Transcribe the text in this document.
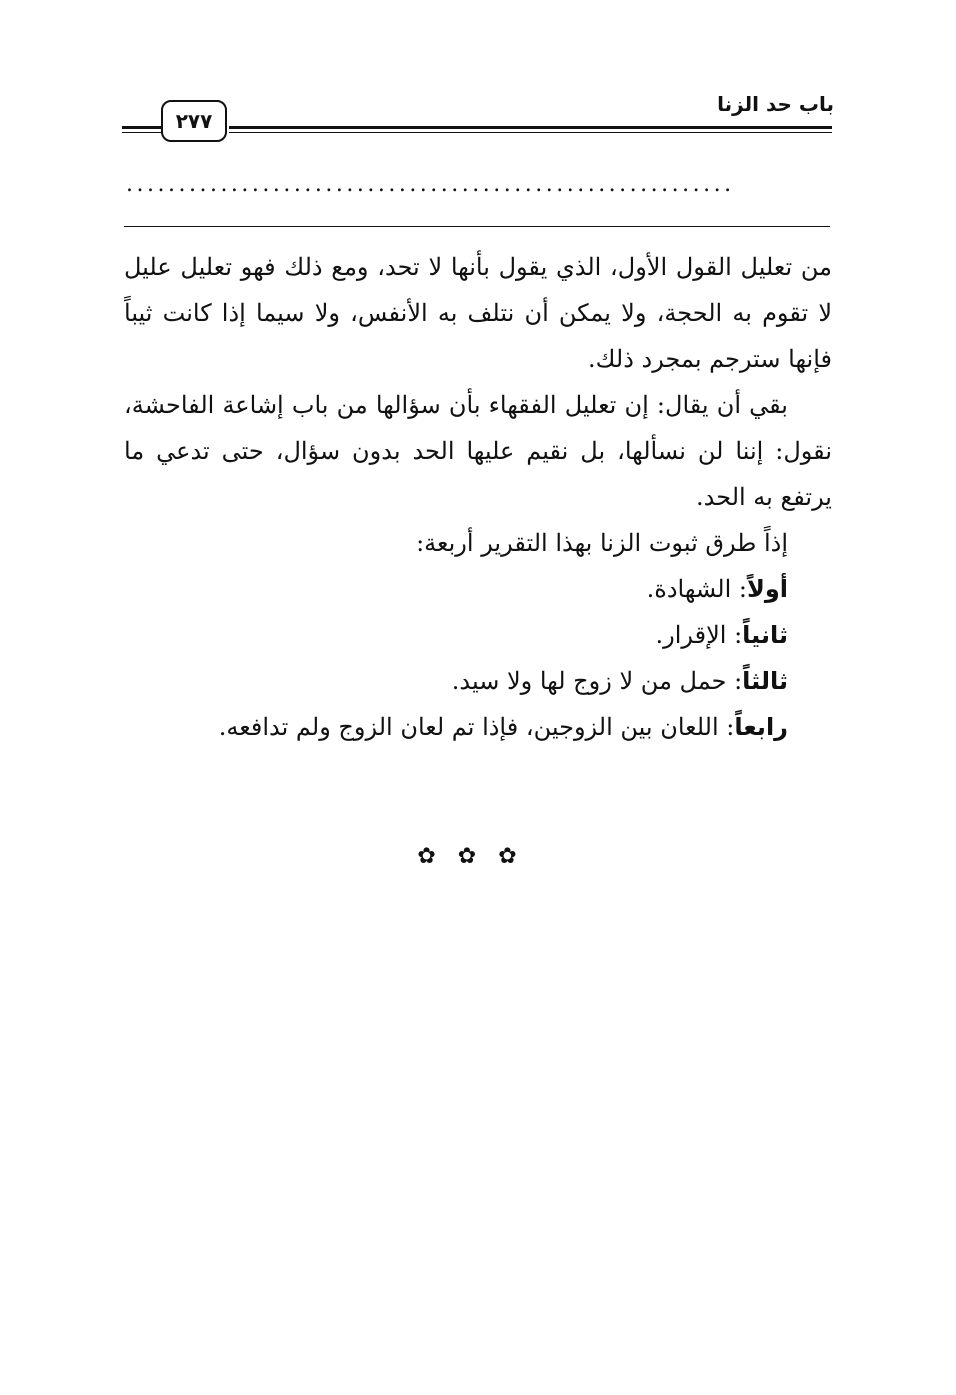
باب حد الزنا
٢٧٧
..........................................................

من تعليل القول الأول، الذي يقول بأنها لا تحد، ومع ذلك فهو تعليل عليل لا تقوم به الحجة، ولا يمكن أن نتلف به الأنفس، ولا سيما إذا كانت ثيباً فإنها سترجم بمجرد ذلك.

بقي أن يقال: إن تعليل الفقهاء بأن سؤالها من باب إشاعة الفاحشة، نقول: إننا لن نسألها، بل نقيم عليها الحد بدون سؤال، حتى تدعي ما يرتفع به الحد.

إذاً طرق ثبوت الزنا بهذا التقرير أربعة:

أولاً: الشهادة.

ثانياً: الإقرار.

ثالثاً: حمل من لا زوج لها ولا سيد.

رابعاً: اللعان بين الزوجين، فإذا تم لعان الزوج ولم تدافعه.

✿✿✿
